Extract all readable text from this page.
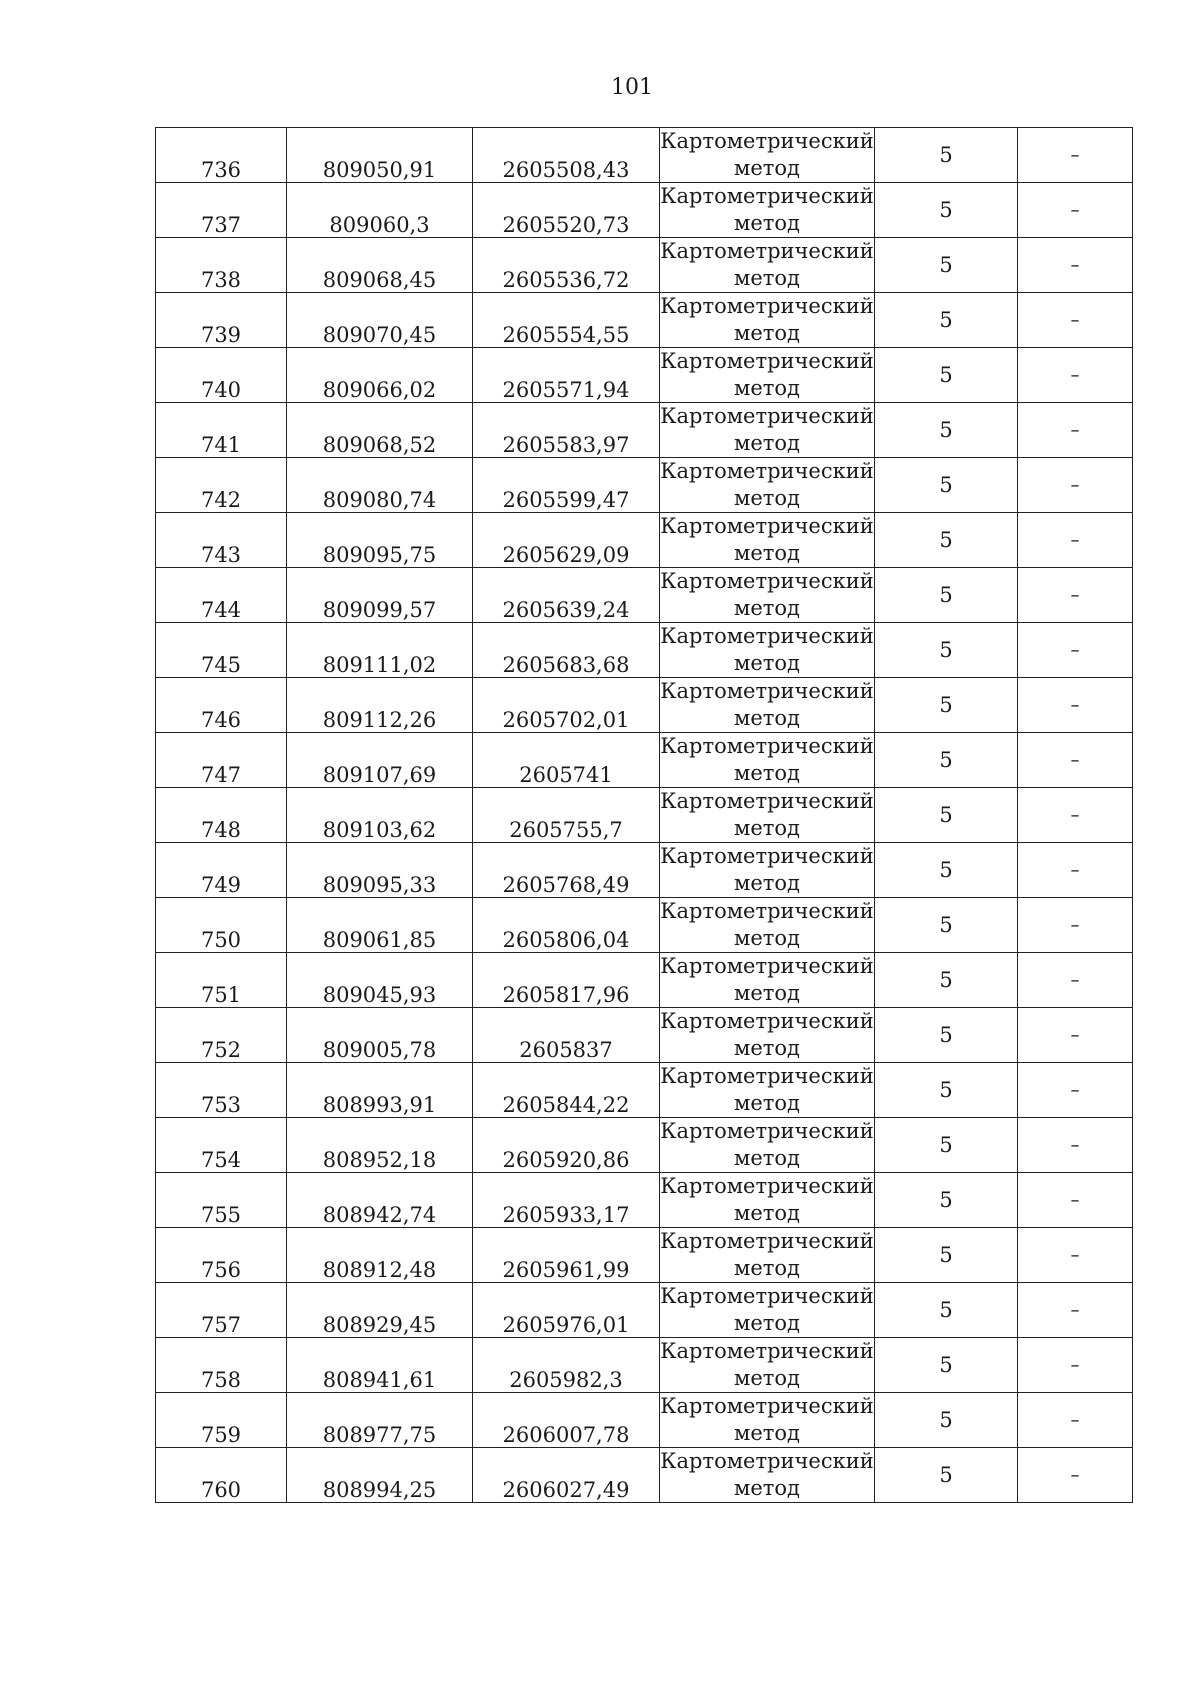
101
736	809050,91	2605508,43	Картометрический метод	5	–
737	809060,3	2605520,73	Картометрический метод	5	–
738	809068,45	2605536,72	Картометрический метод	5	–
739	809070,45	2605554,55	Картометрический метод	5	–
740	809066,02	2605571,94	Картометрический метод	5	–
741	809068,52	2605583,97	Картометрический метод	5	–
742	809080,74	2605599,47	Картометрический метод	5	–
743	809095,75	2605629,09	Картометрический метод	5	–
744	809099,57	2605639,24	Картометрический метод	5	–
745	809111,02	2605683,68	Картометрический метод	5	–
746	809112,26	2605702,01	Картометрический метод	5	–
747	809107,69	2605741	Картометрический метод	5	–
748	809103,62	2605755,7	Картометрический метод	5	–
749	809095,33	2605768,49	Картометрический метод	5	–
750	809061,85	2605806,04	Картометрический метод	5	–
751	809045,93	2605817,96	Картометрический метод	5	–
752	809005,78	2605837	Картометрический метод	5	–
753	808993,91	2605844,22	Картометрический метод	5	–
754	808952,18	2605920,86	Картометрический метод	5	–
755	808942,74	2605933,17	Картометрический метод	5	–
756	808912,48	2605961,99	Картометрический метод	5	–
757	808929,45	2605976,01	Картометрический метод	5	–
758	808941,61	2605982,3	Картометрический метод	5	–
759	808977,75	2606007,78	Картометрический метод	5	–
760	808994,25	2606027,49	Картометрический метод	5	–
